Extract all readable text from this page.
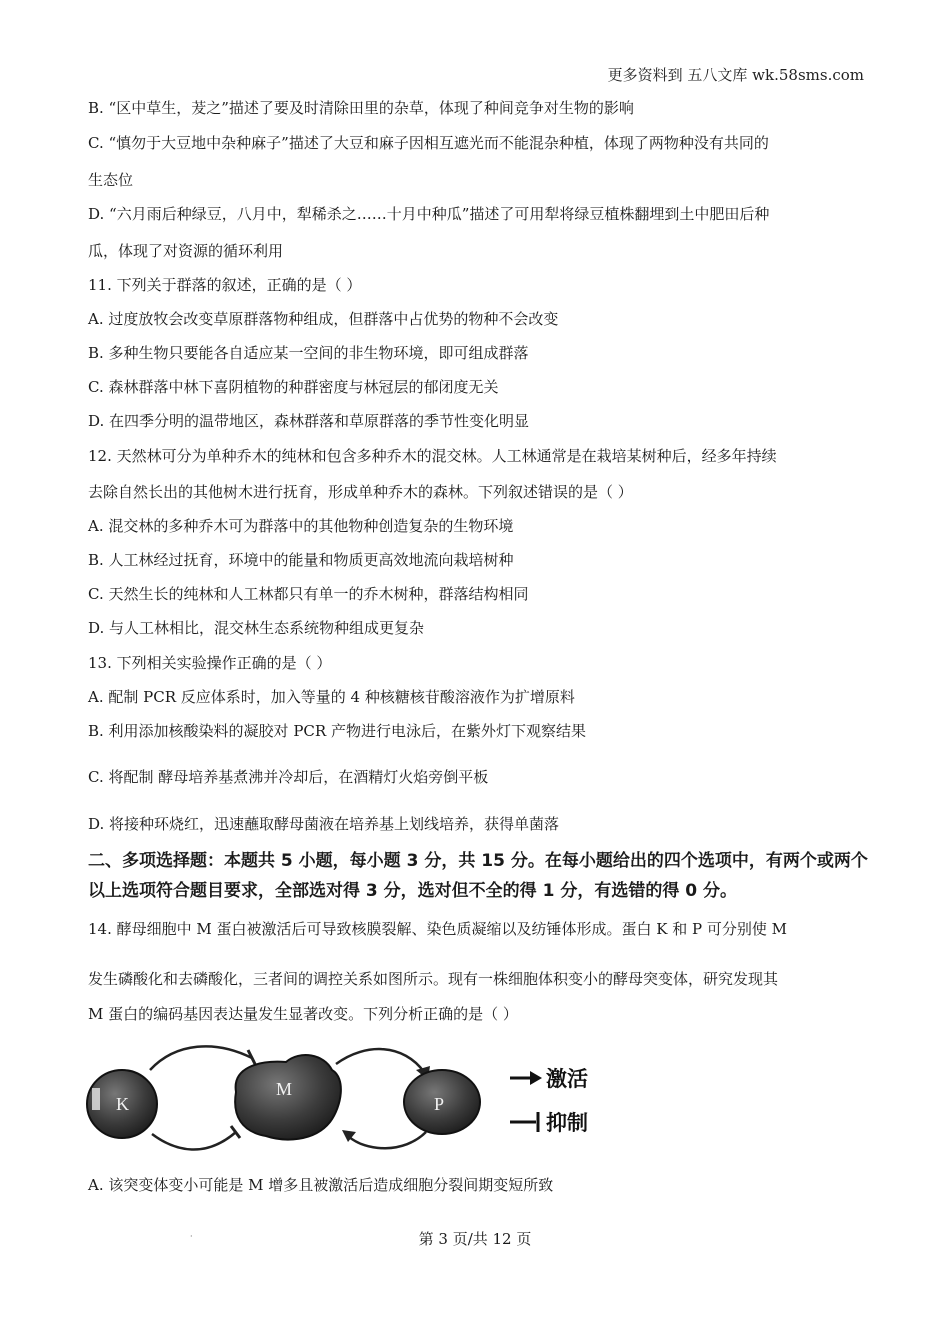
更多资料到 五八文库 wk.58sms.com
B. “区中草生，茇之”描述了要及时清除田里的杂草，体现了种间竞争对生物的影响
C. “慎勿于大豆地中杂种麻子”描述了大豆和麻子因相互遮光而不能混杂种植，体现了两物种没有共同的
生态位
D. “六月雨后种绿豆，八月中，犁稀杀之……十月中种瓜”描述了可用犁将绿豆植株翻埋到土中肥田后种
瓜，体现了对资源的循环利用
11. 下列关于群落的叙述，正确的是（ ）
A. 过度放牧会改变草原群落物种组成，但群落中占优势的物种不会改变
B. 多种生物只要能各自适应某一空间的非生物环境，即可组成群落
C. 森林群落中林下喜阴植物的种群密度与林冠层的郁闭度无关
D. 在四季分明的温带地区，森林群落和草原群落的季节性变化明显
12. 天然林可分为单种乔木的纯林和包含多种乔木的混交林。人工林通常是在栽培某树种后，经多年持续
去除自然长出的其他树木进行抚育，形成单种乔木的森林。下列叙述错误的是（ ）
A. 混交林的多种乔木可为群落中的其他物种创造复杂的生物环境
B. 人工林经过抚育，环境中的能量和物质更高效地流向栽培树种
C. 天然生长的纯林和人工林都只有单一的乔木树种，群落结构相同
D. 与人工林相比，混交林生态系统物种组成更复杂
13. 下列相关实验操作正确的是（ ）
A. 配制 PCR 反应体系时，加入等量的 4 种核糖核苷酸溶液作为扩增原料
B. 利用添加核酸染料的凝胶对 PCR 产物进行电泳后，在紫外灯下观察结果
C. 将配制 酵母培养基煮沸并冷却后，在酒精灯火焰旁倒平板
D. 将接种环烧红，迅速蘸取酵母菌液在培养基上划线培养，获得单菌落
二、多项选择题：本题共 5 小题，每小题 3 分，共 15 分。在每小题给出的四个选项中，有两个或两个以上选项符合题目要求，全部选对得 3 分，选对但不全的得 1 分，有选错的得 0 分。
14. 酵母细胞中 M 蛋白被激活后可导致核膜裂解、染色质凝缩以及纺锤体形成。蛋白 K 和 P 可分别使 M
发生磷酸化和去磷酸化，三者间的调控关系如图所示。现有一株细胞体积变小的酵母突变体，研究发现其
M 蛋白的编码基因表达量发生显著改变。下列分析正确的是（ ）
K
M
P
激活
抑制
A. 该突变体变小可能是 M 增多且被激活后造成细胞分裂间期变短所致
·	第 3 页/共 12 页
